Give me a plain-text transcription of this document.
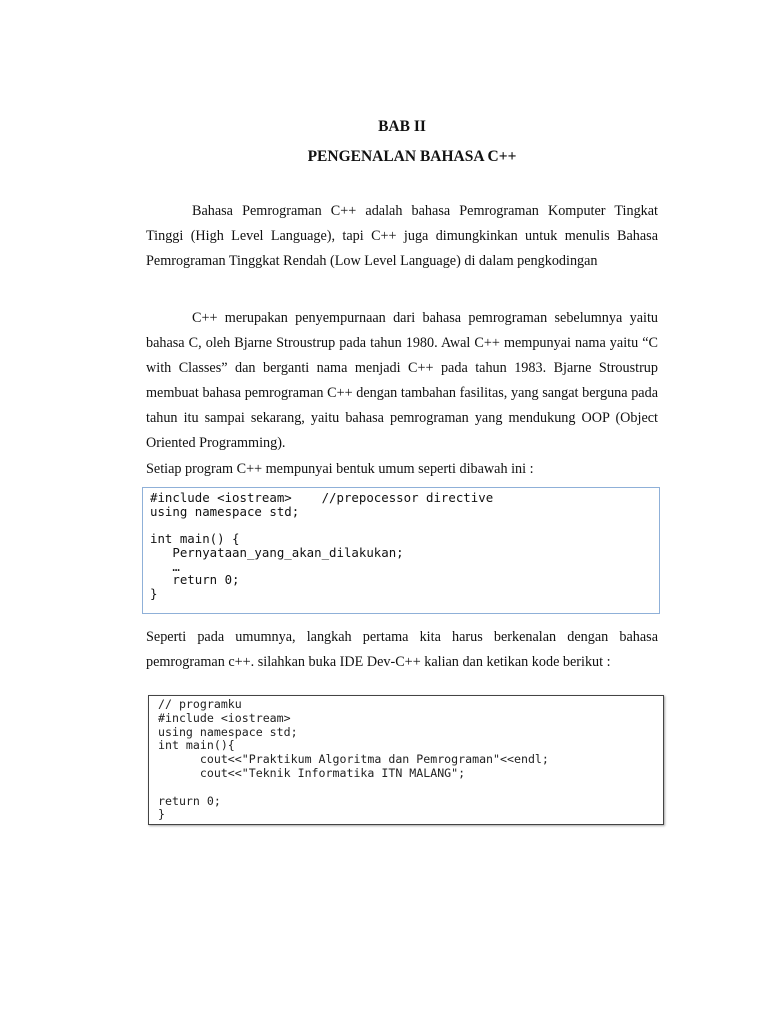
BAB II
PENGENALAN BAHASA C++

Bahasa Pemrograman C++ adalah bahasa Pemrograman Komputer Tingkat Tinggi (High Level Language), tapi C++ juga dimungkinkan untuk menulis Bahasa Pemrograman Tinggkat Rendah (Low Level Language) di dalam pengkodingan

C++ merupakan penyempurnaan dari bahasa pemrograman sebelumnya yaitu bahasa C, oleh Bjarne Stroustrup pada tahun 1980. Awal C++ mempunyai nama yaitu “C with Classes” dan berganti nama menjadi C++ pada tahun 1983. Bjarne Stroustrup membuat bahasa pemrograman C++ dengan tambahan fasilitas, yang sangat berguna pada tahun itu sampai sekarang, yaitu bahasa pemrograman yang mendukung OOP (Object Oriented Programming).

Setiap program C++ mempunyai bentuk umum seperti dibawah ini :

#include <iostream>    //prepocessor directive
using namespace std;

int main() {
Pernyataan_yang_akan_dilakukan;
…
return 0;
}

Seperti pada umumnya, langkah pertama kita harus berkenalan dengan bahasa pemrograman c++. silahkan buka IDE Dev-C++ kalian dan ketikan kode berikut :

// programku
#include <iostream>
using namespace std;
int main(){
cout<<"Praktikum Algoritma dan Pemrograman"<<endl;
cout<<"Teknik Informatika ITN MALANG";

return 0;
}
